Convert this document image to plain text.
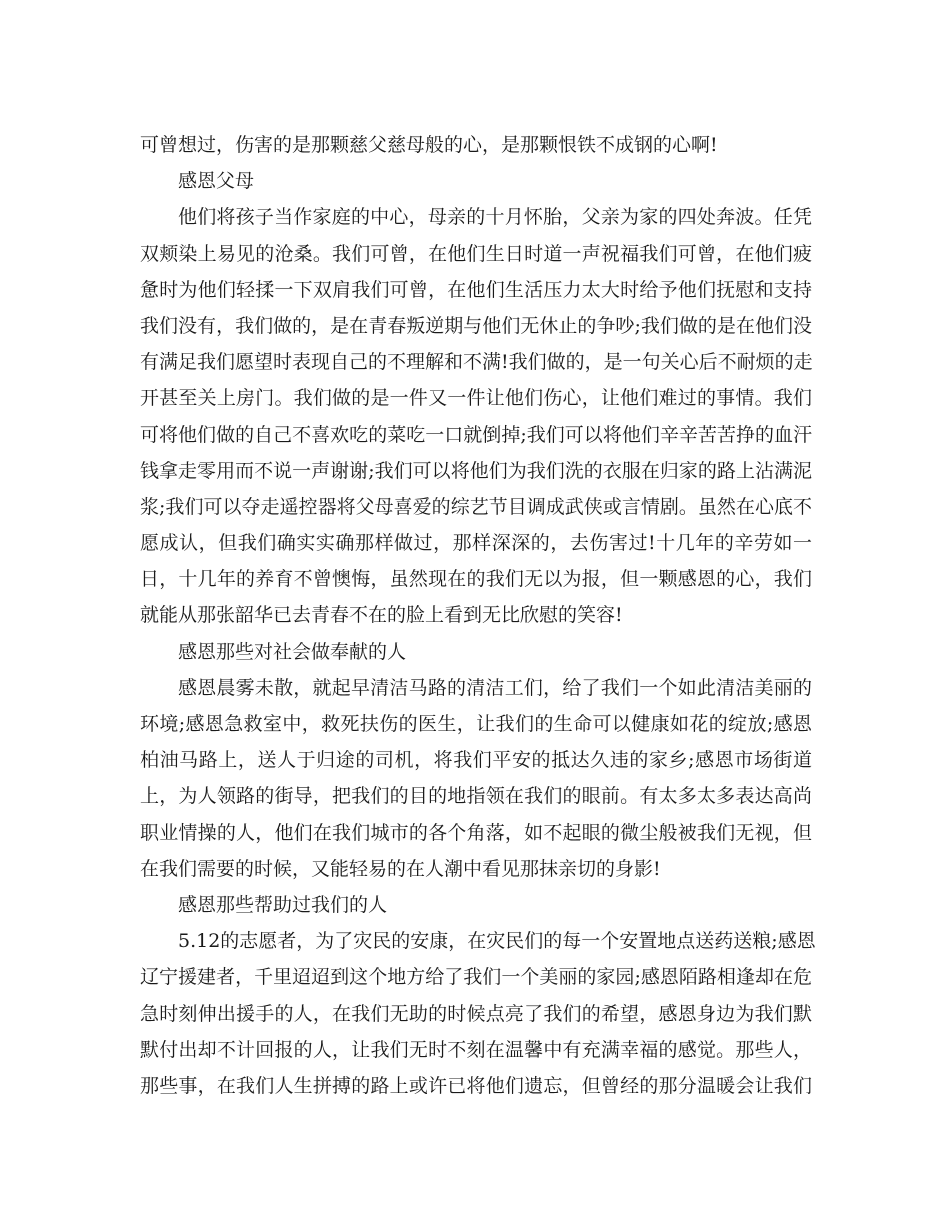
可曾想过，伤害的是那颗慈父慈母般的心，是那颗恨铁不成钢的心啊!
感恩父母
他们将孩子当作家庭的中心，母亲的十月怀胎，父亲为家的四处奔波。任凭
双颊染上易见的沧桑。我们可曾，在他们生日时道一声祝福我们可曾，在他们疲
惫时为他们轻揉一下双肩我们可曾，在他们生活压力太大时给予他们抚慰和支持
我们没有，我们做的，是在青春叛逆期与他们无休止的争吵;我们做的是在他们没
有满足我们愿望时表现自己的不理解和不满!我们做的，是一句关心后不耐烦的走
开甚至关上房门。我们做的是一件又一件让他们伤心，让他们难过的事情。我们
可将他们做的自己不喜欢吃的菜吃一口就倒掉;我们可以将他们辛辛苦苦挣的血汗
钱拿走零用而不说一声谢谢;我们可以将他们为我们洗的衣服在归家的路上沾满泥
浆;我们可以夺走遥控器将父母喜爱的综艺节目调成武侠或言情剧。虽然在心底不
愿成认，但我们确实实确那样做过，那样深深的，去伤害过!十几年的辛劳如一
日，十几年的养育不曾懊悔，虽然现在的我们无以为报，但一颗感恩的心，我们
就能从那张韶华已去青春不在的脸上看到无比欣慰的笑容!
感恩那些对社会做奉献的人
感恩晨雾未散，就起早清洁马路的清洁工们，给了我们一个如此清洁美丽的
环境;感恩急救室中，救死扶伤的医生，让我们的生命可以健康如花的绽放;感恩
柏油马路上，送人于归途的司机，将我们平安的抵达久违的家乡;感恩市场街道
上，为人领路的街导，把我们的目的地指领在我们的眼前。有太多太多表达高尚
职业情操的人，他们在我们城市的各个角落，如不起眼的微尘般被我们无视，但
在我们需要的时候，又能轻易的在人潮中看见那抹亲切的身影!
感恩那些帮助过我们的人
5.12的志愿者，为了灾民的安康，在灾民们的每一个安置地点送药送粮;感恩
辽宁援建者，千里迢迢到这个地方给了我们一个美丽的家园;感恩陌路相逢却在危
急时刻伸出援手的人，在我们无助的时候点亮了我们的希望，感恩身边为我们默
默付出却不计回报的人，让我们无时不刻在温馨中有充满幸福的感觉。那些人，
那些事，在我们人生拼搏的路上或许已将他们遗忘，但曾经的那分温暖会让我们
